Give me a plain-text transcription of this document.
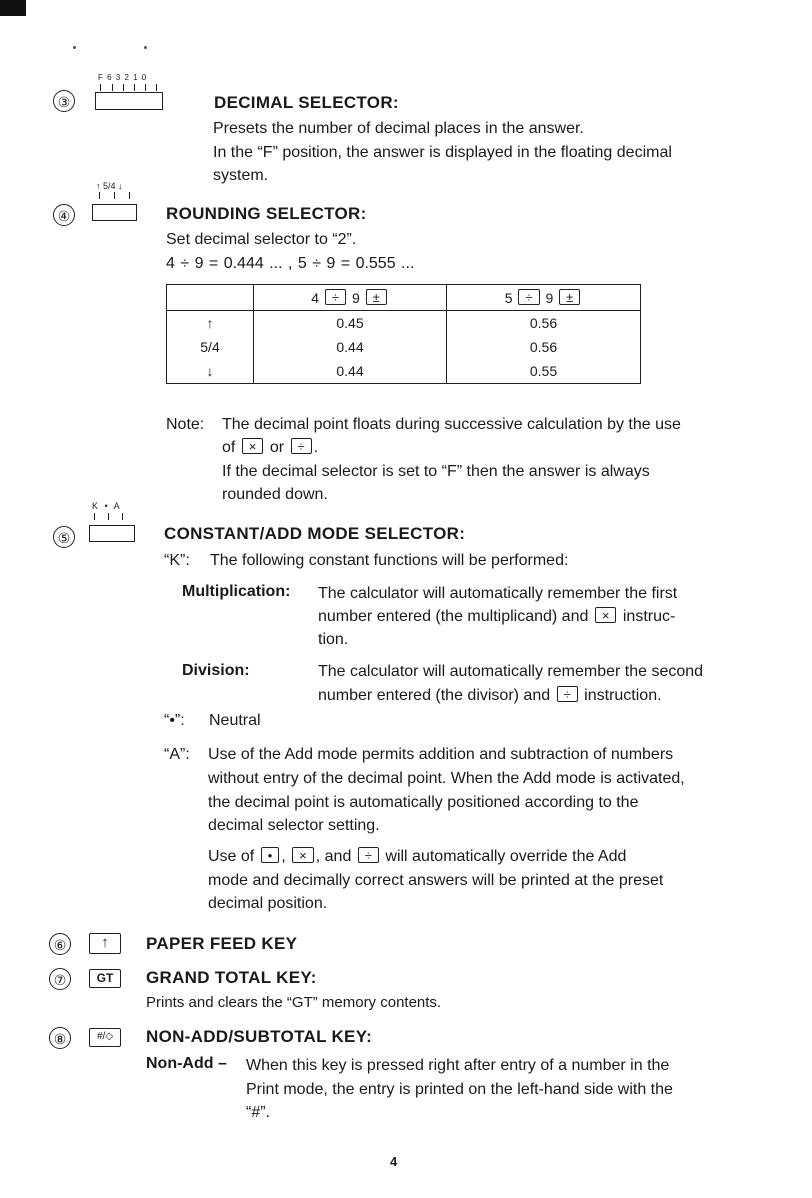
③
F 6 3 2 1 0
DECIMAL SELECTOR:
Presets the number of decimal places in the answer.
In the “F” position, the answer is displayed in the floating decimal
system.
④
↑ 5/4 ↓
ROUNDING SELECTOR:
Set decimal selector to “2”.
4 ÷ 9 = 0.444 ... , 5 ÷ 9 = 0.555 ...
	4 ÷ 9 ±	5 ÷ 9 ±
↑	0.45	0.56
5/4	0.44	0.56
↓	0.44	0.55
Note: The decimal point floats during successive calculation by the use
of × or ÷ .
If the decimal selector is set to “F” then the answer is always
rounded down.
⑤
K • A
CONSTANT/ADD MODE SELECTOR:
“K”: The following constant functions will be performed:
Multiplication: The calculator will automatically remember the first
number entered (the multiplicand) and × instruc-
tion.
Division:	The calculator will automatically remember the second
number entered (the divisor) and ÷ instruction.
“•”: Neutral
“A”: Use of the Add mode permits addition and subtraction of numbers
without entry of the decimal point. When the Add mode is activated,
the decimal point is automatically positioned according to the
decimal selector setting.
Use of • , × , and ÷ will automatically override the Add
mode and decimally correct answers will be printed at the preset
decimal position.
⑥	↑	PAPER FEED KEY
⑦	GT	GRAND TOTAL KEY:
Prints and clears the “GT” memory contents.
⑧	#/◇	NON-ADD/SUBTOTAL KEY:
Non-Add – When this key is pressed right after entry of a number in the
Print mode, the entry is printed on the left-hand side with the
“#”.
4
